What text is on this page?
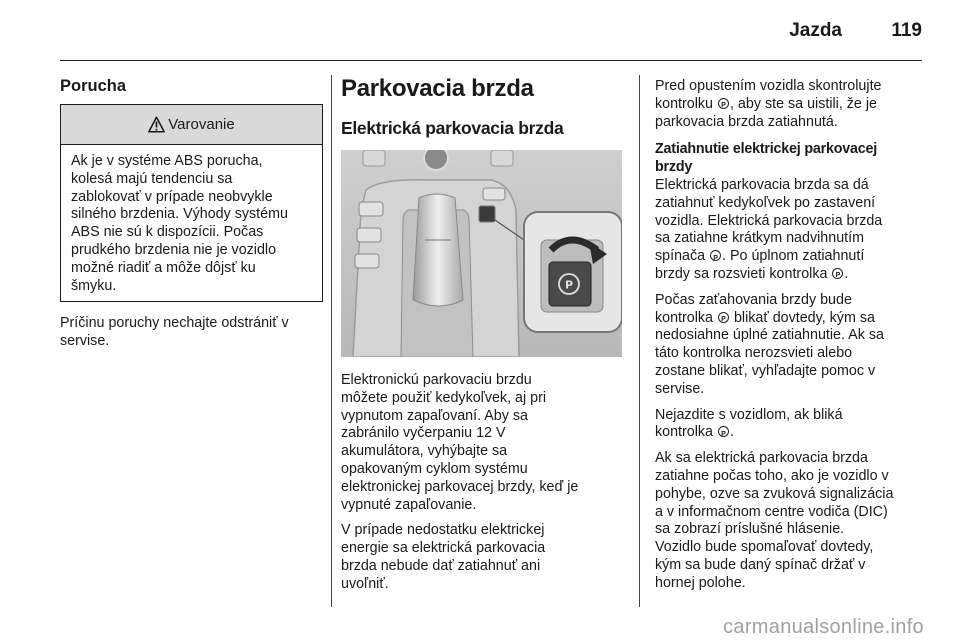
Jazda	119
Porucha
Varovanie
Ak je v systéme ABS porucha,
kolesá majú tendenciu sa
zablokovať v prípade neobvykle
silného brzdenia. Výhody systému
ABS nie sú k dispozícii. Počas
prudkého brzdenia nie je vozidlo
možné riadiť a môže dôjsť ku
šmyku.
Príčinu poruchy nechajte odstrániť v
servise.
Parkovacia brzda
Elektrická parkovacia brzda
P
Elektronickú parkovaciu brzdu
môžete použiť kedykoľvek, aj pri
vypnutom zapaľovaní. Aby sa
zabránilo vyčerpaniu 12 V
akumulátora, vyhýbajte sa
opakovaným cyklom systému
elektronickej parkovacej brzdy, keď je
vypnuté zapaľovanie.
V prípade nedostatku elektrickej
energie sa elektrická parkovacia
brzda nebude dať zatiahnuť ani
uvoľniť.
Pred opustením vozidla skontrolujte
kontrolku P, aby ste sa uistili, že je
parkovacia brzda zatiahnutá.
Zatiahnutie elektrickej parkovacej
brzdy
Elektrická parkovacia brzda sa dá
zatiahnuť kedykoľvek po zastavení
vozidla. Elektrická parkovacia brzda
sa zatiahne krátkym nadvihnutím
spínača P. Po úplnom zatiahnutí
brzdy sa rozsvieti kontrolka P.
Počas zaťahovania brzdy bude
kontrolka P blikať dovtedy, kým sa
nedosiahne úplné zatiahnutie. Ak sa
táto kontrolka nerozsvieti alebo
zostane blikať, vyhľadajte pomoc v
servise.
Nejazdite s vozidlom, ak bliká
kontrolka P.
Ak sa elektrická parkovacia brzda
zatiahne počas toho, ako je vozidlo v
pohybe, ozve sa zvuková signalizácia
a v informačnom centre vodiča (DIC)
sa zobrazí príslušné hlásenie.
Vozidlo bude spomaľovať dovtedy,
kým sa bude daný spínač držať v
hornej polohe.
carmanualsonline.info
